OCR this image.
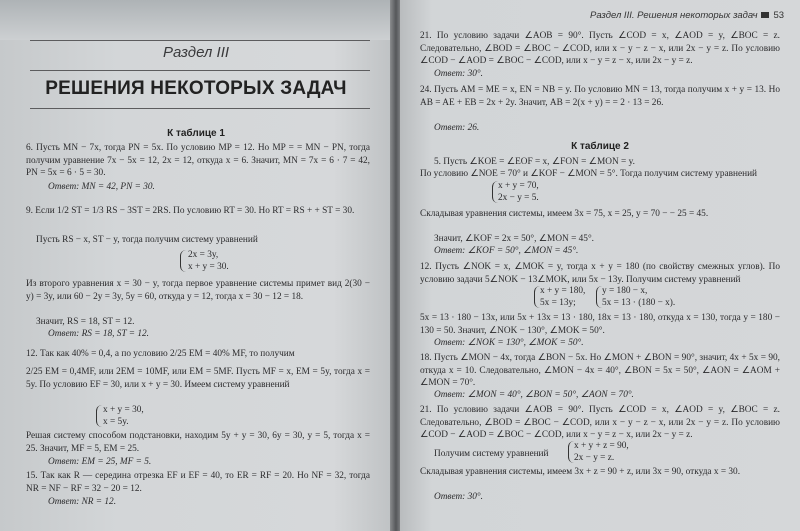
Раздел III
РЕШЕНИЯ НЕКОТОРЫХ ЗАДАЧ
К таблице 1
6. Пусть MN − 7x, тогда PN = 5x. По условию MP = 12. Но MP = = MN − PN, тогда получим уравнение 7x − 5x = 12, 2x = 12, откуда x = 6. Значит, MN = 7x = 6 · 7 = 42, PN = 5x = 6 · 5 = 30.
Ответ: MN = 42, PN = 30.
9. Если 1/2 ST = 1/3 RS − 3ST = 2RS. По условию RT = 30. Но RT = RS + + ST = 30.
Пусть RS − x, ST − y, тогда получим систему уравнений
2x = 3y,
x + y = 30.
Из второго уравнения x = 30 − y, тогда первое уравнение системы примет вид 2(30 − y) = 3y, или 60 − 2y = 3y, 5y = 60, откуда y = 12, тогда x = 30 − 12 = 18.
Значит, RS = 18, ST = 12.
Ответ: RS = 18, ST = 12.
12. Так как 40% = 0,4, а по условию 2/25 EM = 40% MF, то получим
2/25 EM = 0,4MF, или 2EM = 10MF, или EM = 5MF. Пусть MF = x, EM = 5y, тогда x = 5y. По условию EF = 30, или x + y = 30. Имеем систему уравнений
x + y = 30,
x = 5y.
Решая систему способом подстановки, находим 5y + y = 30, 6y = 30, y = 5, тогда x = 25. Значит, MF = 5, EM = 25.
Ответ: EM = 25, MF = 5.
15. Так как R — середина отрезка EF и EF = 40, то ER = RF = 20. Но NF = 32, тогда NR = NF − RF = 32 − 20 = 12.
Ответ: NR = 12.
Раздел III. Решения некоторых задач 53
21. По условию задачи ∠AOB = 90°. Пусть ∠COD = x, ∠AOD = y, ∠BOC = z. Следовательно, ∠BOD = ∠BOC − ∠COD, или x − y − z − x, или 2x − y = z. По условию ∠COD − ∠AOD = ∠BOC − ∠COD, или x − y = z − x, или 2x − y = z.
Ответ: 30°.
24. Пусть AM = ME = x, EN = NB = y. По условию MN = 13, тогда получим x + y = 13. Но AB = AE + EB = 2x + 2y. Значит, AB = 2(x + y) = = 2 · 13 = 26.
Ответ: 26.
К таблице 2
5. Пусть ∠KOE = ∠EOF = x, ∠FON = ∠MON = y.
По условию ∠NOE = 70° и ∠KOF − ∠MON = 5°. Тогда получим систему уравнений
x + y = 70,
2x − y = 5.
Складывая уравнения системы, имеем 3x = 75, x = 25, y = 70 − − 25 = 45.
Значит, ∠KOF = 2x = 50°, ∠MON = 45°.
Ответ: ∠KOF = 50°, ∠MON = 45°.
12. Пусть ∠NOK = x, ∠MOK = y, тогда x + y = 180 (по свойству смежных углов). По условию задачи 5∠NOK − 13∠MOK, или 5x − 13y. Получим систему уравнений
x + y = 180,
5x = 13y;
y = 180 − x,
5x = 13 · (180 − x).
5x = 13 · 180 − 13x, или 5x + 13x = 13 · 180, 18x = 13 · 180, откуда x = 130, тогда y = 180 − 130 = 50. Значит, ∠NOK − 130°, ∠MOK = 50°.
Ответ: ∠NOK = 130°, ∠MOK = 50°.
18. Пусть ∠MON − 4x, тогда ∠BON − 5x. Но ∠MON + ∠BON = 90°, значит, 4x + 5x = 90, откуда x = 10. Следовательно, ∠MON − 4x = 40°, ∠BON = 5x = 50°, ∠AON = ∠AOM + ∠MON = 70°.
Ответ: ∠MON = 40°, ∠BON = 50°, ∠AON = 70°.
21. По условию задачи ∠AOB = 90°. Пусть ∠COD = x, ∠AOD = y, ∠BOC = z. Следовательно, ∠BOD = ∠BOC − ∠COD, или x − y − z − x, или 2x − y = z. По условию ∠COD − ∠AOD = ∠BOC − ∠COD, или x − y = z − x, или 2x − y = z.
Получим систему уравнений
x + y + z = 90,
2x − y = z.
Складывая уравнения системы, имеем 3x + z = 90 + z, или 3x = 90, откуда x = 30.
Ответ: 30°.
